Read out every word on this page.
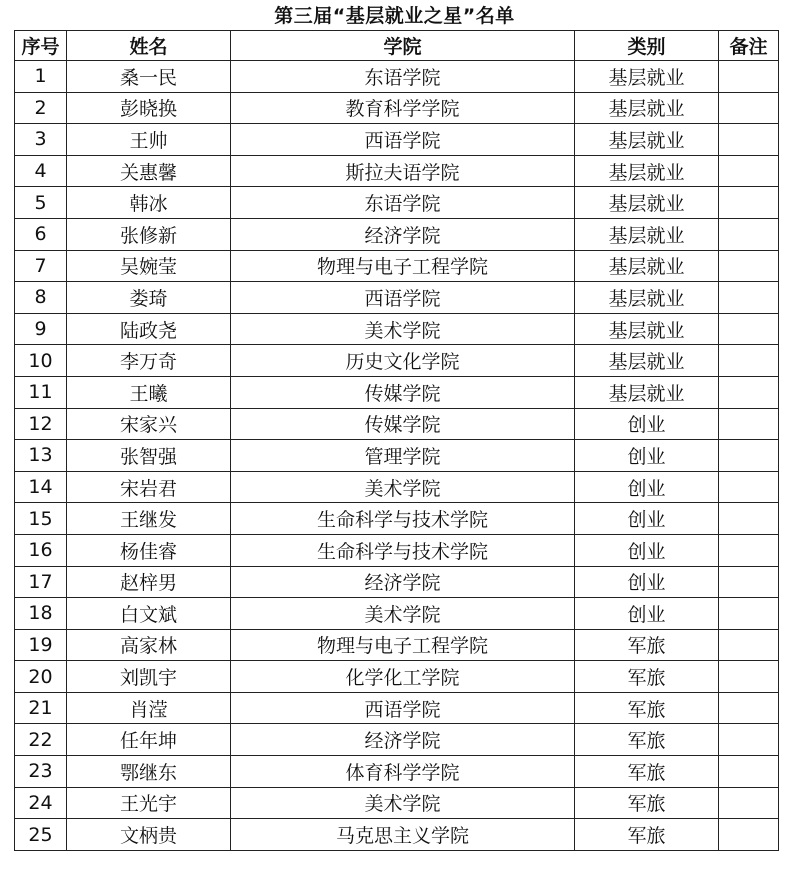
第三届“基层就业之星”名单
序号	姓名	学院	类别	备注
1	桑一民	东语学院	基层就业	
2	彭晓换	教育科学学院	基层就业	
3	王帅	西语学院	基层就业	
4	关惠馨	斯拉夫语学院	基层就业	
5	韩冰	东语学院	基层就业	
6	张修新	经济学院	基层就业	
7	吴婉莹	物理与电子工程学院	基层就业	
8	娄琦	西语学院	基层就业	
9	陆政尧	美术学院	基层就业	
10	李万奇	历史文化学院	基层就业	
11	王曦	传媒学院	基层就业	
12	宋家兴	传媒学院	创业	
13	张智强	管理学院	创业	
14	宋岩君	美术学院	创业	
15	王继发	生命科学与技术学院	创业	
16	杨佳睿	生命科学与技术学院	创业	
17	赵梓男	经济学院	创业	
18	白文斌	美术学院	创业	
19	高家林	物理与电子工程学院	军旅	
20	刘凯宇	化学化工学院	军旅	
21	肖滢	西语学院	军旅	
22	任年坤	经济学院	军旅	
23	鄂继东	体育科学学院	军旅	
24	王光宇	美术学院	军旅	
25	文柄贵	马克思主义学院	军旅	
